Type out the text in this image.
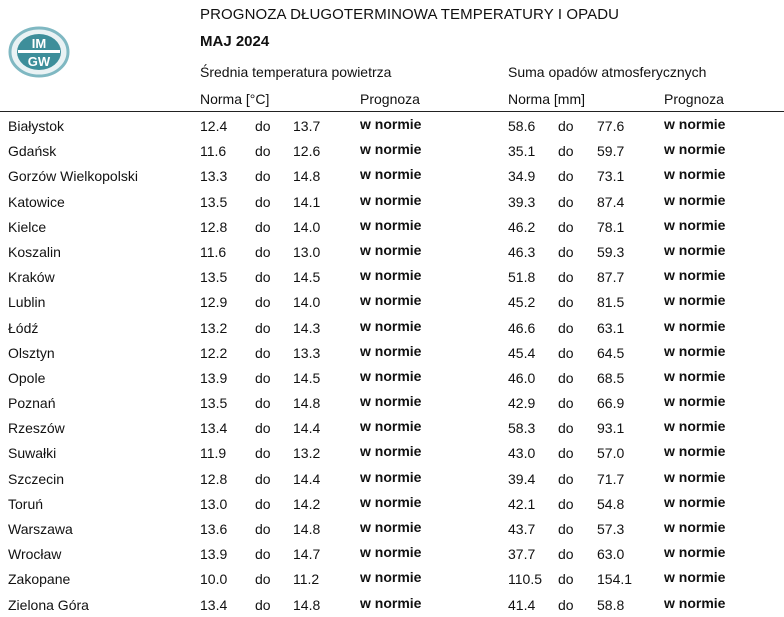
IM
GW
PROGNOZA DŁUGOTERMINOWA TEMPERATURY I OPADU
MAJ 2024
Średnia temperatura powietrza	Suma opadów atmosferycznych
Norma [°C]	Prognoza	Norma [mm]	Prognoza
Białystok	12.4 do 13.7	w normie	58.6 do 77.6	w normie
Gdańsk	11.6 do 12.6	w normie	35.1 do 59.7	w normie
Gorzów Wielkopolski	13.3 do 14.8	w normie	34.9 do 73.1	w normie
Katowice	13.5 do 14.1	w normie	39.3 do 87.4	w normie
Kielce	12.8 do 14.0	w normie	46.2 do 78.1	w normie
Koszalin	11.6 do 13.0	w normie	46.3 do 59.3	w normie
Kraków	13.5 do 14.5	w normie	51.8 do 87.7	w normie
Lublin	12.9 do 14.0	w normie	45.2 do 81.5	w normie
Łódź	13.2 do 14.3	w normie	46.6 do 63.1	w normie
Olsztyn	12.2 do 13.3	w normie	45.4 do 64.5	w normie
Opole	13.9 do 14.5	w normie	46.0 do 68.5	w normie
Poznań	13.5 do 14.8	w normie	42.9 do 66.9	w normie
Rzeszów	13.4 do 14.4	w normie	58.3 do 93.1	w normie
Suwałki	11.9 do 13.2	w normie	43.0 do 57.0	w normie
Szczecin	12.8 do 14.4	w normie	39.4 do 71.7	w normie
Toruń	13.0 do 14.2	w normie	42.1 do 54.8	w normie
Warszawa	13.6 do 14.8	w normie	43.7 do 57.3	w normie
Wrocław	13.9 do 14.7	w normie	37.7 do 63.0	w normie
Zakopane	10.0 do 11.2	w normie	110.5 do 154.1 w normie
Zielona Góra	13.4 do 14.8	w normie	41.4 do 58.8	w normie
